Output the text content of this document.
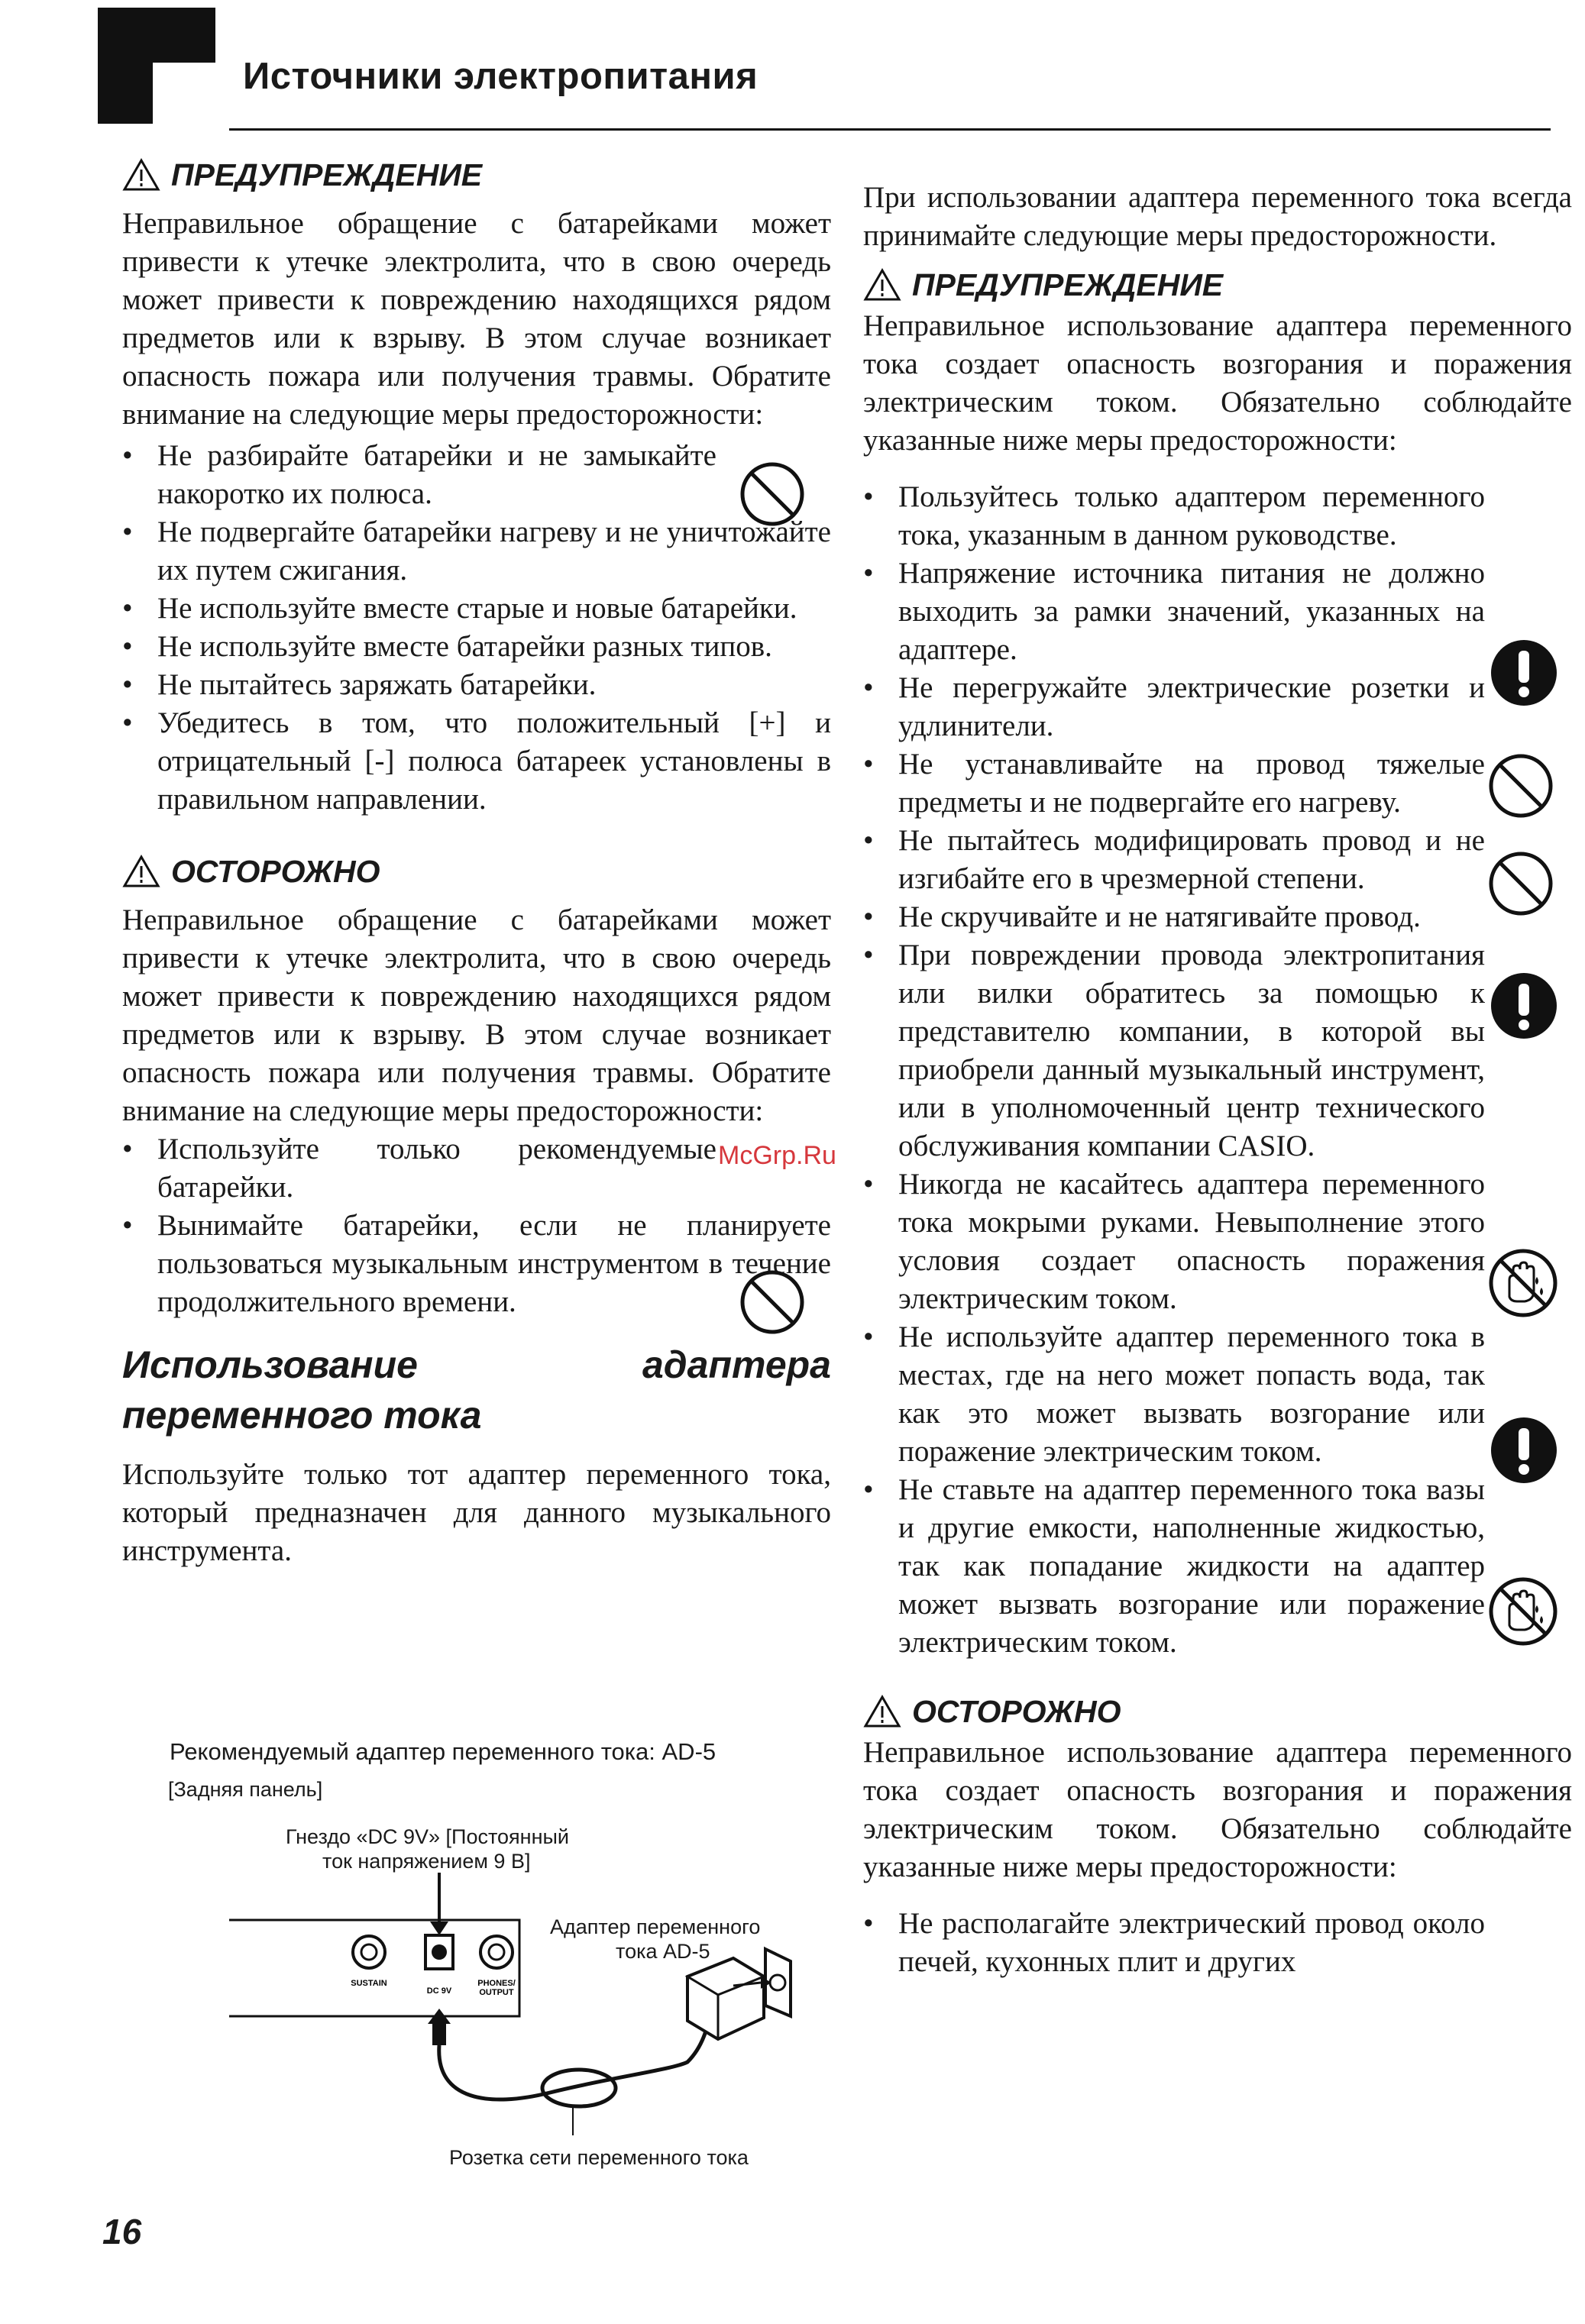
Источники электропитания
ПРЕДУПРЕЖДЕНИЕ

Неправильное обращение с батарейками может привести к утечке электролита, что в свою очередь может привести к повреждению находящихся рядом предметов или к взрыву. В этом случае возникает опасность пожара или получения травмы. Обратите внимание на следующие меры предосторожности:

• Не разбирайте батарейки и не замыкайте накоротко их полюса.
• Не подвергайте батарейки нагреву и не уничтожайте их путем сжигания.
• Не используйте вместе старые и новые батарейки.
• Не используйте вместе батарейки разных типов.
• Не пытайтесь заряжать батарейки.
• Убедитесь в том, что положительный [+] и отрицательный [-] полюса батареек установлены в правильном направлении.
ОСТОРОЖНО

Неправильное обращение с батарейками может привести к утечке электролита, что в свою очередь может привести к повреждению находящихся рядом предметов или к взрыву. В этом случае возникает опасность пожара или получения травмы. Обратите внимание на следующие меры предосторожности:

• Используйте только рекомендуемые батарейки.
• Вынимайте батарейки, если не планируете пользоваться музыкальным инструментом в течение продолжительного времени.
Использование	адаптера
переменного тока

Используйте только тот адаптер переменного тока, который предназначен для данного музыкального инструмента.

Рекомендуемый адаптер переменного тока: AD-5
[Задняя панель]
Гнездо «DC 9V» [Постоянный
ток напряжением 9 В]
Адаптер переменного
тока AD-5
Розетка сети переменного тока
SUSTAIN
DC 9V
PHONES/
OUTPUT

При использовании адаптера переменного тока всегда принимайте следующие меры предосторожности.

ПРЕДУПРЕЖДЕНИЕ

Неправильное использование адаптера переменного тока создает опасность возгорания и поражения электрическим током. Обязательно соблюдайте указанные ниже меры предосторожности:

• Пользуйтесь только адаптером переменного тока, указанным в данном руководстве.
• Напряжение источника питания не должно выходить за рамки значений, указанных на адаптере.
• Не перегружайте электрические розетки и удлинители.
• Не устанавливайте на провод тяжелые предметы и не подвергайте его нагреву.
• Не пытайтесь модифицировать провод и не изгибайте его в чрезмерной степени.
• Не скручивайте и не натягивайте провод.
• При повреждении провода электропитания или вилки обратитесь за помощью к представителю компании, в которой вы приобрели данный музыкальный инструмент, или в уполномоченный центр технического обслуживания компании CASIO.
• Никогда не касайтесь адаптера переменного тока мокрыми руками. Невыполнение этого условия создает опасность поражения электрическим током.
• Не используйте адаптер переменного тока в местах, где на него может попасть вода, так как это может вызвать возгорание или поражение электрическим током.
• Не ставьте на адаптер переменного тока вазы и другие емкости, наполненные жидкостью, так как попадание жидкости на адаптер может вызвать возгорание или поражение электрическим током.
ОСТОРОЖНО

Неправильное использование адаптера переменного тока создает опасность возгорания и поражения электрическим током. Обязательно соблюдайте указанные ниже меры предосторожности:

• Не располагайте электрический провод около печей, кухонных плит и других
McGrp.Ru
16
